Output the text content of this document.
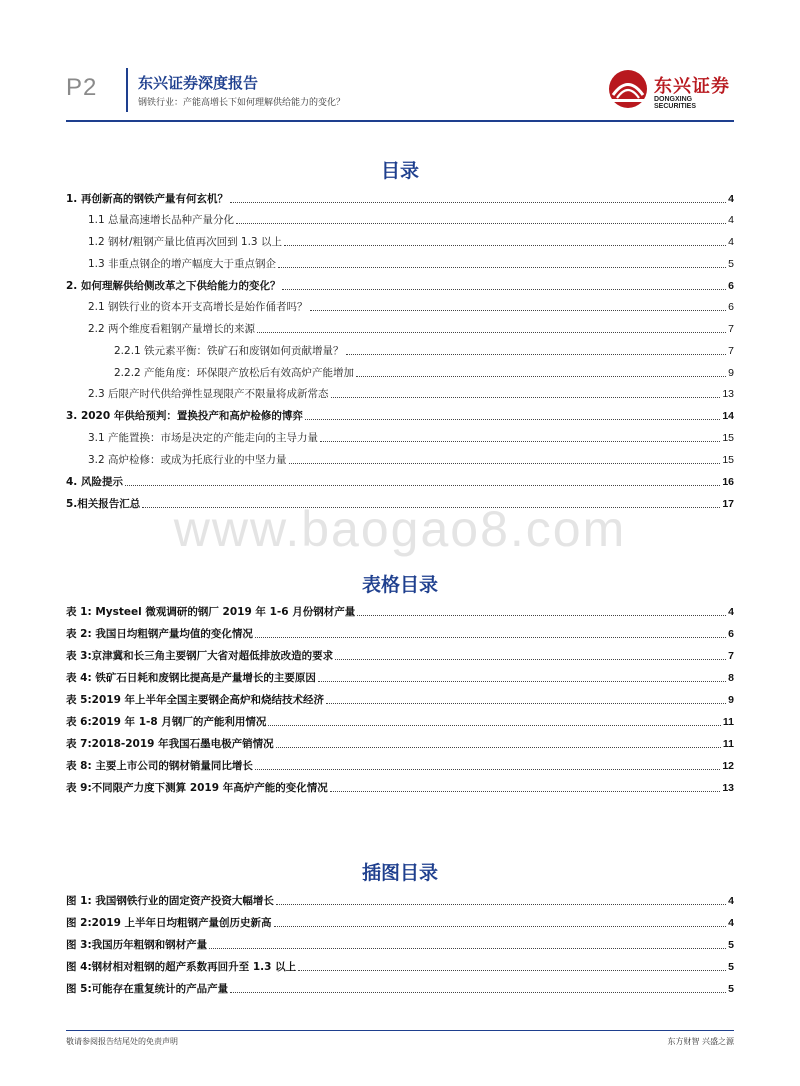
P2	东兴证券深度报告
钢铁行业：产能高增长下如何理解供给能力的变化？
东兴证券
DONGXING SECURITIES
目录
1. 再创新高的钢铁产量有何玄机？	4
1.1 总量高速增长品种产量分化	4
1.2 钢材/粗钢产量比值再次回到 1.3 以上	4
1.3 非重点钢企的增产幅度大于重点钢企	5
2. 如何理解供给侧改革之下供给能力的变化？	6
2.1 钢铁行业的资本开支高增长是始作俑者吗？	6
2.2 两个维度看粗钢产量增长的来源	7
2.2.1 铁元素平衡：铁矿石和废钢如何贡献增量？	7
2.2.2 产能角度：环保限产放松后有效高炉产能增加	9
2.3 后限产时代供给弹性显现限产不限量将成新常态	13
3. 2020 年供给预判：置换投产和高炉检修的博弈	14
3.1 产能置换：市场是决定的产能走向的主导力量	15
3.2 高炉检修：或成为托底行业的中坚力量	15
4. 风险提示	16
5.相关报告汇总	17
www.baogao8.com
表格目录
表 1: Mysteel 微观调研的钢厂 2019 年 1-6 月份钢材产量	4
表 2: 我国日均粗钢产量均值的变化情况	6
表 3:京津冀和长三角主要钢厂大省对超低排放改造的要求	7
表 4: 铁矿石日耗和废钢比提高是产量增长的主要原因	8
表 5:2019 年上半年全国主要钢企高炉和烧结技术经济	9
表 6:2019 年 1-8 月钢厂的产能利用情况	11
表 7:2018-2019 年我国石墨电极产销情况	11
表 8: 主要上市公司的钢材销量同比增长	12
表 9:不同限产力度下测算 2019 年高炉产能的变化情况	13
插图目录
图 1: 我国钢铁行业的固定资产投资大幅增长	4
图 2:2019 上半年日均粗钢产量创历史新高	4
图 3:我国历年粗钢和钢材产量	5
图 4:钢材相对粗钢的超产系数再回升至 1.3 以上	5
图 5:可能存在重复统计的产品产量	5
敬请参阅报告结尾处的免责声明	东方财智 兴盛之源
